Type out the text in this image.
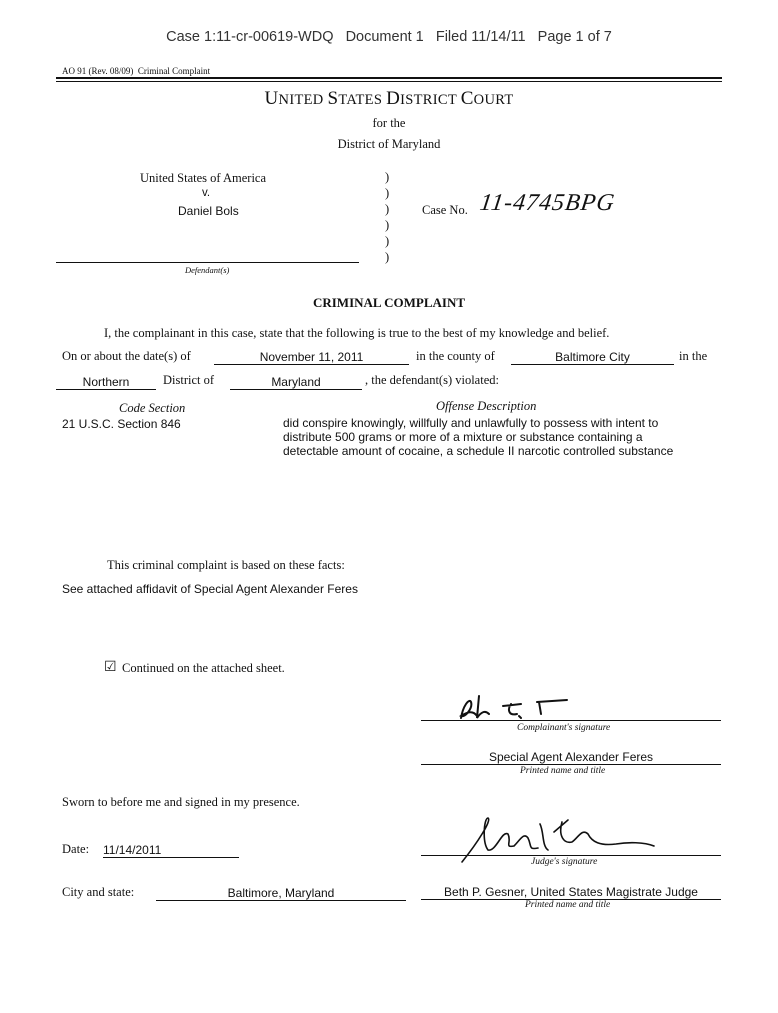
Case 1:11-cr-00619-WDQ   Document 1   Filed 11/14/11   Page 1 of 7
AO 91 (Rev. 08/09)  Criminal Complaint
UNITED STATES DISTRICT COURT
for the
District of Maryland
United States of America
v.
Daniel Bols
)
)
)
)
)
)
Case No. 11-4745BPG
Defendant(s)
CRIMINAL COMPLAINT
I, the complainant in this case, state that the following is true to the best of my knowledge and belief.
On or about the date(s) of	November 11, 2011	in the county of	Baltimore City	in the
Northern	District of	Maryland	, the defendant(s) violated:
Code Section	Offense Description
21 U.S.C. Section 846	did conspire knowingly, willfully and unlawfully to possess with intent to
distribute 500 grams or more of a mixture or substance containing a
detectable amount of cocaine, a schedule II narcotic controlled substance
This criminal complaint is based on these facts:
See attached affidavit of Special Agent Alexander Feres
☑ Continued on the attached sheet.
Complainant's signature
Special Agent Alexander Feres
Printed name and title
Sworn to before me and signed in my presence.
Date: 11/14/2011
Judge's signature
City and state:	Baltimore, Maryland	Beth P. Gesner, United States Magistrate Judge
Printed name and title
